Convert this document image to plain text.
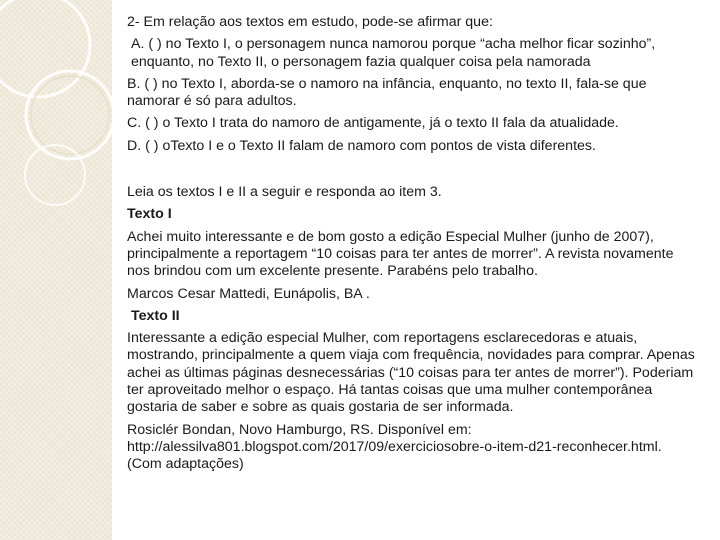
2- Em relação aos textos em estudo, pode-se afirmar que:

A. ( ) no Texto I, o personagem nunca namorou porque “acha melhor ficar sozinho”, enquanto, no Texto II, o personagem fazia qualquer coisa pela namorada

B. ( ) no Texto I, aborda-se o namoro na infância, enquanto, no texto II, fala-se que namorar é só para adultos.

C. ( ) o Texto I trata do namoro de antigamente, já o texto II fala da atualidade.

D. ( ) oTexto I e o Texto II falam de namoro com pontos de vista diferentes.

Leia os textos I e II a seguir e responda ao item 3.

Texto I

Achei muito interessante e de bom gosto a edição Especial Mulher (junho de 2007), principalmente a reportagem “10 coisas para ter antes de morrer”. A revista novamente nos brindou com um excelente presente. Parabéns pelo trabalho.

Marcos Cesar Mattedi, Eunápolis, BA .

Texto II

Interessante a edição especial Mulher, com reportagens esclarecedoras e atuais, mostrando, principalmente a quem viaja com frequência, novidades para comprar. Apenas achei as últimas páginas desnecessárias (“10 coisas para ter antes de morrer”). Poderiam ter aproveitado melhor o espaço. Há tantas coisas que uma mulher contemporânea gostaria de saber e sobre as quais gostaria de ser informada.

Rosiclér Bondan, Novo Hamburgo, RS. Disponível em: http://alessilva801.blogspot.com/2017/09/exerciciosobre-o-item-d21-reconhecer.html. (Com adaptações)
